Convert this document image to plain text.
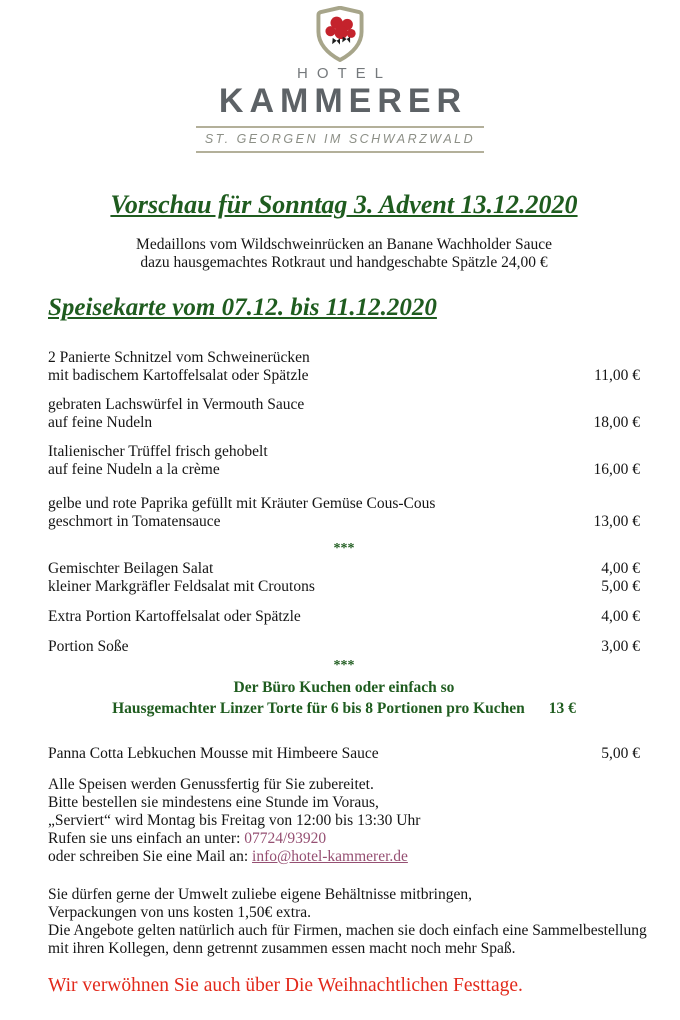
HOTEL
KAMMERER
ST. GEORGEN IM SCHWARZWALD
Vorschau für Sonntag 3. Advent 13.12.2020
Medaillons vom Wildschweinrücken an Banane Wachholder Sauce
dazu hausgemachtes Rotkraut und handgeschabte Spätzle 24,00 €
Speisekarte vom 07.12. bis 11.12.2020
2 Panierte Schnitzel vom Schweinerücken
mit badischem Kartoffelsalat oder Spätzle	11,00 €
gebraten Lachswürfel in Vermouth Sauce
auf feine Nudeln	18,00 €
Italienischer Trüffel frisch gehobelt
auf feine Nudeln a la crème	16,00 €
gelbe und rote Paprika gefüllt mit Kräuter Gemüse Cous-Cous
geschmort in Tomatensauce	13,00 €
***
Gemischter Beilagen Salat	4,00 €
kleiner Markgräfler Feldsalat mit Croutons	5,00 €
Extra Portion Kartoffelsalat oder Spätzle	4,00 €
Portion Soße	3,00 €
***
Der Büro Kuchen oder einfach so
Hausgemachter Linzer Torte für 6 bis 8 Portionen pro Kuchen 13 €
Panna Cotta Lebkuchen Mousse mit Himbeere Sauce	5,00 €
Alle Speisen werden Genussfertig für Sie zubereitet.
Bitte bestellen sie mindestens eine Stunde im Voraus,
„Serviert“ wird Montag bis Freitag von 12:00 bis 13:30 Uhr
Rufen sie uns einfach an unter: 07724/93920
oder schreiben Sie eine Mail an: info@hotel-kammerer.de
Sie dürfen gerne der Umwelt zuliebe eigene Behältnisse mitbringen,
Verpackungen von uns kosten 1,50€ extra.
Die Angebote gelten natürlich auch für Firmen, machen sie doch einfach eine Sammelbestellung
mit ihren Kollegen, denn getrennt zusammen essen macht noch mehr Spaß.
Wir verwöhnen Sie auch über Die Weihnachtlichen Festtage.
